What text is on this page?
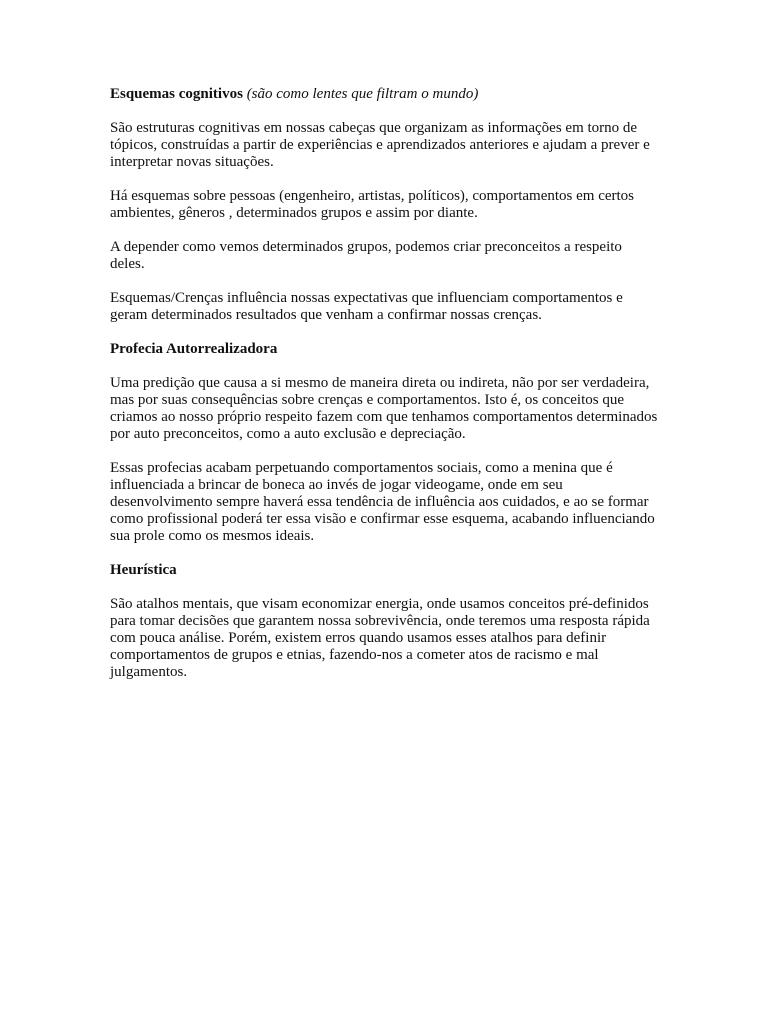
Esquemas cognitivos (são como lentes que filtram o mundo)

São estruturas cognitivas em nossas cabeças que organizam as informações em torno de tópicos, construídas a partir de experiências e aprendizados anteriores e ajudam a prever e interpretar novas situações.

Há esquemas sobre pessoas (engenheiro, artistas, políticos), comportamentos em certos ambientes, gêneros , determinados grupos e assim por diante.

A depender como vemos determinados grupos, podemos criar preconceitos a respeito deles.

Esquemas/Crenças influência nossas expectativas que influenciam comportamentos e geram determinados resultados que venham a confirmar nossas crenças.

Profecia Autorrealizadora

Uma predição que causa a si mesmo de maneira direta ou indireta, não por ser verdadeira, mas por suas consequências sobre crenças e comportamentos. Isto é, os conceitos que criamos ao nosso próprio respeito fazem com que tenhamos comportamentos determinados por auto preconceitos, como a auto exclusão e depreciação.

Essas profecias acabam perpetuando comportamentos sociais, como a menina que é influenciada a brincar de boneca ao invés de jogar videogame, onde em seu desenvolvimento sempre haverá essa tendência de influência aos cuidados, e ao se formar como profissional poderá ter essa visão e confirmar esse esquema, acabando influenciando sua prole como os mesmos ideais.

Heurística

São atalhos mentais, que visam economizar energia, onde usamos conceitos pré-definidos para tomar decisões que garantem nossa sobrevivência, onde teremos uma resposta rápida com pouca análise. Porém, existem erros quando usamos esses atalhos para definir comportamentos de grupos e etnias, fazendo-nos a cometer atos de racismo e mal julgamentos.
